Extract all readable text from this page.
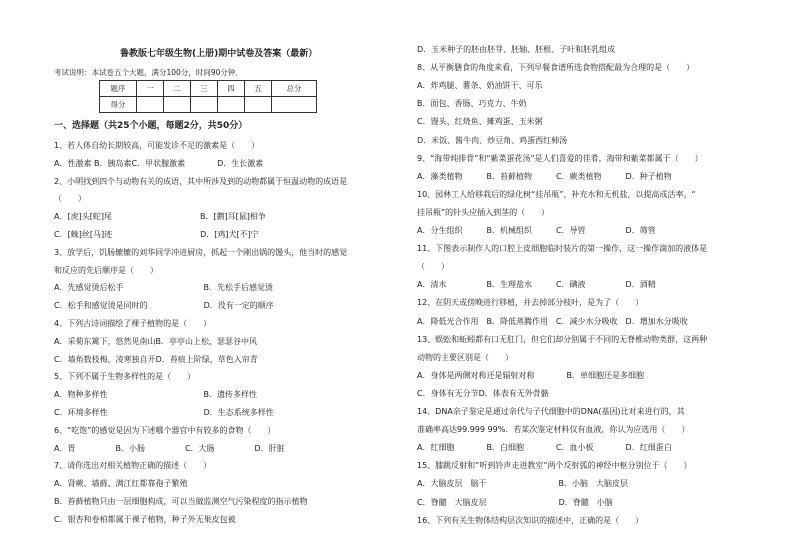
鲁教版七年级生物(上册)期中试卷及答案（最新）
考试说明：本试卷五个大题，满分100分，时间90分钟．
题序	一	二	三	四	五	总分
得分						
一、选择题（共25个小题，每题2分，共50分）
1、若人体自幼长期较高，可能发诊不足的激素是（　　）
A．性激素 B．胰岛素C．甲状腺激素　　　　D．生长激素
2、小明找到四个与动物有关的成语，其中所涉及到的动物都属于恒温动物的成语是
（　　）
A．[虎]头[蛇]尾　　　　　　　　　　　B．[鹅]耳[鼠]相争
C．[蛛]丝[马]迹　　　　　　　　　　　D．[鸡]犬[不]宁
3、放学后，饥肠辘辘的刘华同学冲进厨房，抓起一个刚出锅的馒头，他当时的感觉
和反应的先后顺序是（　　）
A．先感觉烫后松手　　　　　　　　　　B．先松手后感觉烫
C．松手和感觉烫是同时的　　　　　　　D．没有一定的顺序
4、下列古诗词描绘了裸子植物的是（　　）
A．采菊东篱下，悠然见南山B．亭亭山上松，瑟瑟谷中风
C．墙角数枝梅，凌寒独自开D．苔痕上阶绿，草色入帘青
5、下列不属于生物多样性的是（　　）
A．物种多样性　　　　　　　　　　　　B．遗传多样性
C．环境多样性　　　　　　　　　　　　D．生态系统多样性
6、“吃饱”的感觉是因为下述哪个器官中有较多的食物（　　）
A．胃　　　　　B．小肠　　　　　C．大肠　　　　　D．肝脏
7、请你选出对相关植物正确的描述（　　）
A．肾蕨、墙藓、满江红都靠孢子繁殖
B．苔藓植物只由一层细胞构成，可以当做监测空气污染程度的指示植物
C．银杏和卷柏都属于裸子植物，种子外无果皮包被
D．玉米种子的胚由胚芽、胚轴、胚根、子叶和胚乳组成
8、从平衡膳食的角度来看，下列早餐食谱所选食物搭配最为合理的是（　　）
A．炸鸡腿、薯条、奶油饼干、可乐
B．面包、香肠、巧克力、牛奶
C．馒头、红烧鱼、摊鸡蛋、玉米粥
D．米饭、酱牛肉、炒豆角、鸡蛋西红柿汤
9、“海带炖排骨”和“紫菜蛋花汤”是人们喜爱的佳肴，海带和紫菜都属于（　　）
A．藻类植物　　　B．苔藓植物　　　C．蕨类植物　　　D．种子植物
10、园林工人给移栽后的绿化树“挂吊瓶”，补充水和无机盐，以提高成活率。“
挂吊瓶”的针头应插入到茎的（　　）
A．分生组织　　　B．机械组织　　　C．导管　　　　　D．筛管
11、下图表示制作人的口腔上皮细胞临时装片的第一操作，这一操作滴加的液体是
（　　）
A．清水　　　　　B．生理盐水　　　C．碘液　　　　　D．酒精
12、在阴天或傍晚进行移植，并去掉部分枝叶，是为了（　　）
A．降低光合作用　B．降低蒸腾作用　C．减少水分吸收　D．增加水分吸收
13、蜈蚣和蚯蚓都有口无肛门，但它们却分别属于不同的无脊椎动物类群，这两种
动物的主要区别是（　　）
A．身体是两侧对称还是辐射对称　　　　B．单细胞还是多细胞
C．身体有无分节D．体表有无外骨骼
14、DNA亲子鉴定是通过亲代与子代细胞中的DNA(基因)比对来进行的，其
准确率高达99.999 99%．若某次鉴定材料仅有血液，你认为应选用（　　）
A．红细胞　　　　B．白细胞　　　　C．血小板　　　　D．红细蛋白
15、膝跳反射和“听到铃声走进教室”两个反射弧的神经中枢分别位于（　　）
A．大脑皮层　脑干　　　　　　　　　B．小脑　大脑皮层
C．脊髓　大脑皮层　　　　　　　　　D．脊髓　小脑
16、下列有关生物体结构层次知识的描述中，正确的是（　　）
